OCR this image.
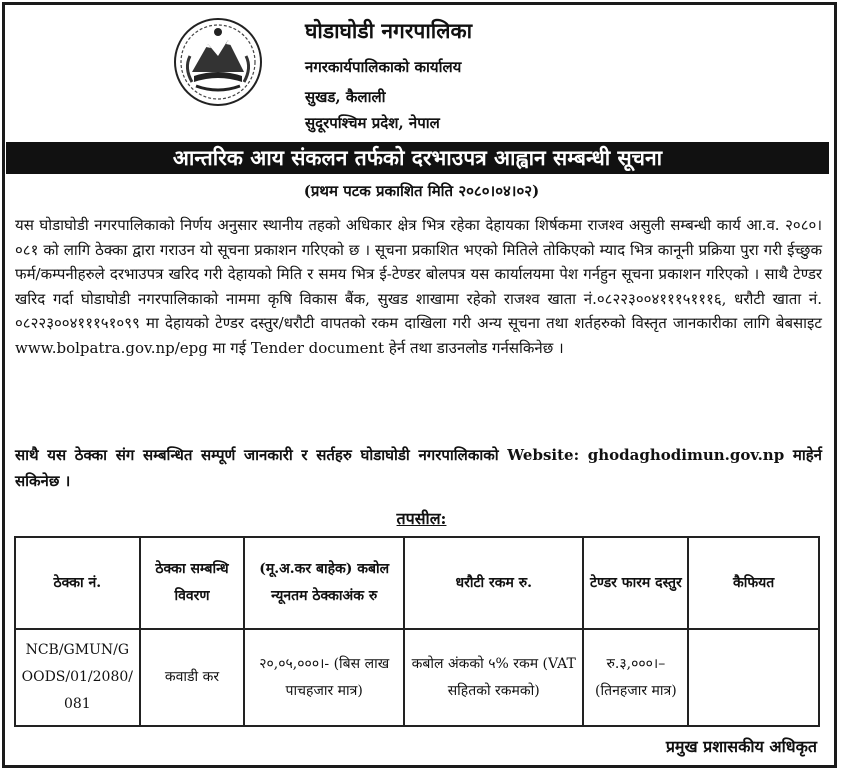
घोडाघोडी नगरपालिका
नगरकार्यपालिकाको कार्यालय
सुखड, कैलाली
सुदूरपश्चिम प्रदेश, नेपाल
आन्तरिक आय संकलन तर्फको दरभाउपत्र आह्वान सम्बन्धी सूचना
(प्रथम पटक प्रकाशित मिति २०८०।०४।०२)

यस घोडाघोडी नगरपालिकाको निर्णय अनुसार स्थानीय तहको अधिकार क्षेत्र भित्र रहेका देहायका शिर्षकमा राजश्व असुली सम्बन्धी कार्य आ.व. २०८०।०८१ को लागि ठेक्का द्वारा गराउन यो सूचना प्रकाशन गरिएको छ । सूचना प्रकाशित भएको मितिले तोकिएको म्याद भित्र कानूनी प्रक्रिया पुरा गरी ईच्छुक फर्म/कम्पनीहरुले दरभाउपत्र खरिद गरी देहायको मिति र समय भित्र ई-टेण्डर बोलपत्र यस कार्यालयमा पेश गर्नहुन सूचना प्रकाशन गरिएको । साथै टेण्डर खरिद गर्दा घोडाघोडी नगरपालिकाको नाममा कृषि विकास बैंक, सुखड शाखामा रहेको राजश्व खाता नं.०८२२३००४१११५१११६, धरौटी खाता नं. ०८२२३००४१११५१०९९ मा देहायको टेण्डर दस्तुर/धरौटी वापतको रकम दाखिला गरी अन्य सूचना तथा शर्तहरुको विस्तृत जानकारीका लागि बेबसाइट www.bolpatra.gov.np/epg मा गई Tender document हेर्न तथा डाउनलोड गर्नसकिनेछ ।

साथै यस ठेक्का संग सम्बन्धित सम्पूर्ण जानकारी र सर्तहरु घोडाघोडी नगरपालिकाको Website: ghodaghodimun.gov.np माहेर्न सकिनेछ ।

तपसील:
ठेक्का नं.	ठेक्का सम्बन्धि विवरण	(मू.अ.कर बाहेक) कबोल न्यूनतम ठेक्काअंक रु	धरौटी रकम रु.	टेण्डर फारम दस्तुर	कैफियत
NCB/GMUN/GOODS/01/2080/081	कवाडी कर	२०,०५,०००।- (बिस लाख पाचहजार मात्र)	कबोल अंकको ५% रकम (VAT सहितको रकमको)	रु.३,०००।– (तिनहजार मात्र)	
प्रमुख प्रशासकीय अधिकृत
